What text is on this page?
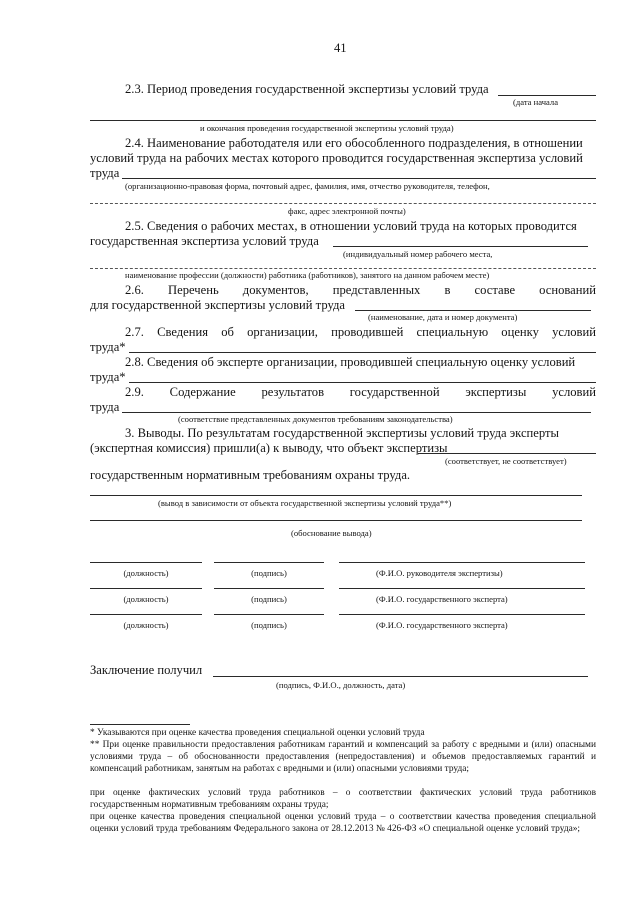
41
2.3. Период проведения государственной экспертизы условий труда
(дата начала
и окончания проведения государственной экспертизы условий труда)
2.4. Наименование работодателя или его обособленного подразделения, в отношении
условий труда на рабочих местах которого проводится государственная экспертиза условий
труда
(организационно-правовая форма, почтовый адрес, фамилия, имя, отчество руководителя, телефон,
факс, адрес электронной почты)
2.5. Сведения о рабочих местах, в отношении условий труда на которых проводится
государственная экспертиза условий труда
(индивидуальный номер рабочего места,
наименование профессии (должности) работника (работников), занятого на данном рабочем месте)
2.6. Перечень документов, представленных в составе оснований
для государственной экспертизы условий труда
(наименование, дата и номер документа)
2.7. Сведения об организации, проводившей специальную оценку условий
труда*
2.8. Сведения об эксперте организации, проводившей специальную оценку условий
труда*
2.9. Содержание результатов государственной экспертизы условий
труда
(соответствие представленных документов требованиям законодательства)
3. Выводы. По результатам государственной экспертизы условий труда эксперты
(экспертная комиссия) пришли(а) к выводу, что объект экспертизы
(соответствует, не соответствует)
государственным нормативным требованиям охраны труда.
(вывод в зависимости от объекта государственной экспертизы условий труда**)
(обоснование вывода)
(должность)	(подпись)	(Ф.И.О. руководителя экспертизы)
(должность)	(подпись)	(Ф.И.О. государственного эксперта)
(должность)	(подпись)	(Ф.И.О. государственного эксперта)
Заключение получил
(подпись, Ф.И.О., должность, дата)
* Указываются при оценке качества проведения специальной оценки условий труда
** При оценке правильности предоставления работникам гарантий и компенсаций за работу с вредными и (или) опасными условиями труда – об обоснованности предоставления (непредоставления) и объемов предоставляемых гарантий и компенсаций работникам, занятым на работах с вредными и (или) опасными условиями труда;
при оценке фактических условий труда работников – о соответствии фактических условий труда работников государственным нормативным требованиям охраны труда;
при оценке качества проведения специальной оценки условий труда – о соответствии качества проведения специальной оценки условий труда требованиям Федерального закона от 28.12.2013 № 426-ФЗ «О специальной оценке условий труда»;
